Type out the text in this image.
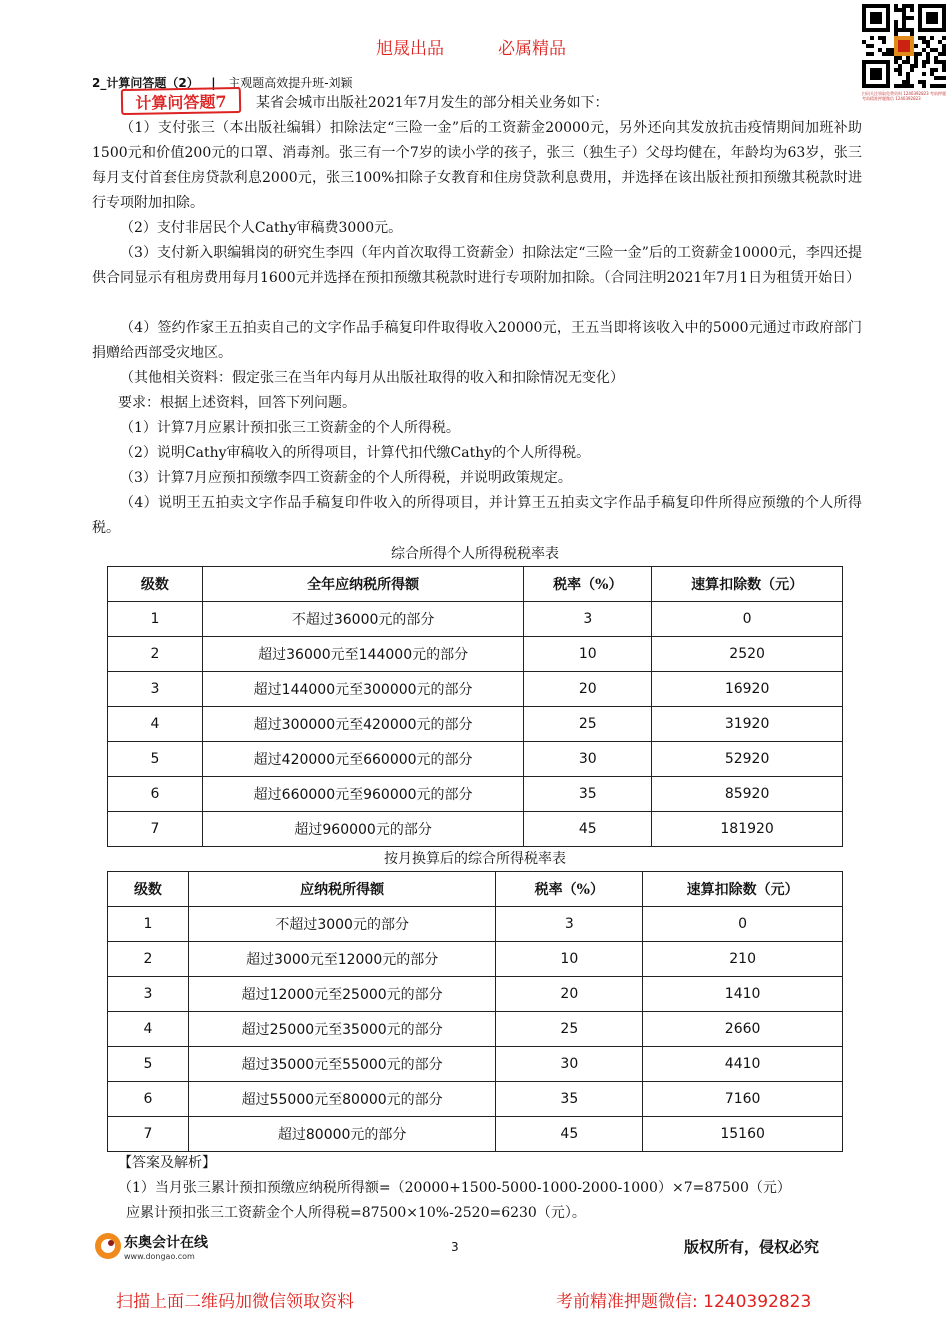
旭晟出品	必属精品
扫码关注领取免费资料 1240392823 考前押题 考前精准押题微信 1240392823
2_计算问答题（2） | 主观题高效提升班-刘颖
计算问答题7	某省会城市出版社2021年7月发生的部分相关业务如下：
（1）支付张三（本出版社编辑）扣除法定“三险一金”后的工资薪金20000元，另外还向其发放抗击疫情期间加班补助1500元和价值200元的口罩、消毒剂。张三有一个7岁的读小学的孩子，张三（独生子）父母均健在，年龄均为63岁，张三每月支付首套住房贷款利息2000元，张三100%扣除子女教育和住房贷款利息费用，并选择在该出版社预扣预缴其税款时进行专项附加扣除。
（2）支付非居民个人Cathy审稿费3000元。
（3）支付新入职编辑岗的研究生李四（年内首次取得工资薪金）扣除法定“三险一金”后的工资薪金10000元，李四还提供合同显示有租房费用每月1600元并选择在预扣预缴其税款时进行专项附加扣除。（合同注明2021年7月1日为租赁开始日）
（4）签约作家王五拍卖自己的文字作品手稿复印件取得收入20000元，王五当即将该收入中的5000元通过市政府部门捐赠给西部受灾地区。
（其他相关资料：假定张三在当年内每月从出版社取得的收入和扣除情况无变化）
要求：根据上述资料，回答下列问题。
（1）计算7月应累计预扣张三工资薪金的个人所得税。
（2）说明Cathy审稿收入的所得项目，计算代扣代缴Cathy的个人所得税。
（3）计算7月应预扣预缴李四工资薪金的个人所得税，并说明政策规定。
（4）说明王五拍卖文字作品手稿复印件收入的所得项目，并计算王五拍卖文字作品手稿复印件所得应预缴的个人所得税。
综合所得个人所得税税率表
级数	全年应纳税所得额	税率（%）	速算扣除数（元）
1	不超过36000元的部分	3	0
2	超过36000元至144000元的部分	10	2520
3	超过144000元至300000元的部分	20	16920
4	超过300000元至420000元的部分	25	31920
5	超过420000元至660000元的部分	30	52920
6	超过660000元至960000元的部分	35	85920
7	超过960000元的部分	45	181920
按月换算后的综合所得税率表
级数	应纳税所得额	税率（%）	速算扣除数（元）
1	不超过3000元的部分	3	0
2	超过3000元至12000元的部分	10	210
3	超过12000元至25000元的部分	20	1410
4	超过25000元至35000元的部分	25	2660
5	超过35000元至55000元的部分	30	4410
6	超过55000元至80000元的部分	35	7160
7	超过80000元的部分	45	15160
【答案及解析】
（1）当月张三累计预扣预缴应纳税所得额=（20000+1500-5000-1000-2000-1000）×7=87500（元）
应累计预扣张三工资薪金个人所得税=87500×10%-2520=6230（元）。
东奥会计在线
www.dongao.com
3	版权所有，侵权必究
扫描上面二维码加微信领取资料	考前精准押题微信: 1240392823
